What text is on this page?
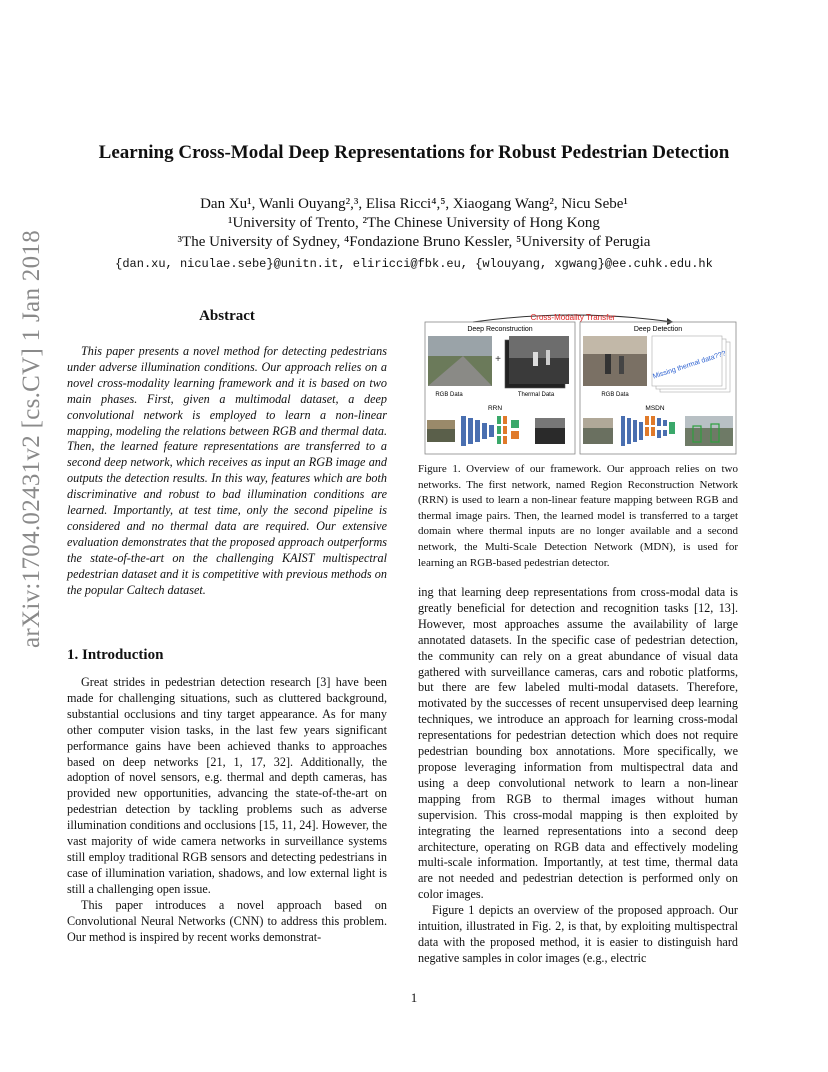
arXiv:1704.02431v2 [cs.CV] 1 Jan 2018
Learning Cross-Modal Deep Representations for Robust Pedestrian Detection
Dan Xu¹, Wanli Ouyang²,³, Elisa Ricci⁴,⁵, Xiaogang Wang², Nicu Sebe¹
¹University of Trento, ²The Chinese University of Hong Kong
³The University of Sydney, ⁴Fondazione Bruno Kessler, ⁵University of Perugia
{dan.xu, niculae.sebe}@unitn.it, eliricci@fbk.eu, {wlouyang, xgwang}@ee.cuhk.edu.hk
Abstract
This paper presents a novel method for detecting pedestrians under adverse illumination conditions. Our approach relies on a novel cross-modality learning framework and it is based on two main phases. First, given a multimodal dataset, a deep convolutional network is employed to learn a non-linear mapping, modeling the relations between RGB and thermal data. Then, the learned feature representations are transferred to a second deep network, which receives as input an RGB image and outputs the detection results. In this way, features which are both discriminative and robust to bad illumination conditions are learned. Importantly, at test time, only the second pipeline is considered and no thermal data are required. Our extensive evaluation demonstrates that the proposed approach outperforms the state-of-the-art on the challenging KAIST multispectral pedestrian dataset and it is competitive with previous methods on the popular Caltech dataset.
1. Introduction

Great strides in pedestrian detection research [3] have been made for challenging situations, such as cluttered background, substantial occlusions and tiny target appearance. As for many other computer vision tasks, in the last few years significant performance gains have been achieved thanks to approaches based on deep networks [21, 1, 17, 32]. Additionally, the adoption of novel sensors, e.g. thermal and depth cameras, has provided new opportunities, advancing the state-of-the-art on pedestrian detection by tackling problems such as adverse illumination conditions and occlusions [15, 11, 24]. However, the vast majority of wide camera networks in surveillance systems still employ traditional RGB sensors and detecting pedestrians in case of illumination variation, shadows, and low external light is still a challenging open issue.

This paper introduces a novel approach based on Convolutional Neural Networks (CNN) to address this problem. Our method is inspired by recent works demonstrat-

Cross-Modality Transfer
Deep Reconstruction	Deep Detection
+
RGB Data	Thermal Data
RRN
Missing thermal data???
RGB Data
MSDN
Figure 1. Overview of our framework. Our approach relies on two networks. The first network, named Region Reconstruction Network (RRN) is used to learn a non-linear feature mapping between RGB and thermal image pairs. Then, the learned model is transferred to a target domain where thermal inputs are no longer available and a second network, the Multi-Scale Detection Network (MDN), is used for learning an RGB-based pedestrian detector.

ing that learning deep representations from cross-modal data is greatly beneficial for detection and recognition tasks [12, 13]. However, most approaches assume the availability of large annotated datasets. In the specific case of pedestrian detection, the community can rely on a great abundance of visual data gathered with surveillance cameras, cars and robotic platforms, but there are few labeled multi-modal datasets. Therefore, motivated by the successes of recent unsupervised deep learning techniques, we introduce an approach for learning cross-modal representations for pedestrian detection which does not require pedestrian bounding box annotations. More specifically, we propose leveraging information from multispectral data and using a deep convolutional network to learn a non-linear mapping from RGB to thermal images without human supervision. This cross-modal mapping is then exploited by integrating the learned representations into a second deep architecture, operating on RGB data and effectively modeling multi-scale information. Importantly, at test time, thermal data are not needed and pedestrian detection is performed only on color images.

Figure 1 depicts an overview of the proposed approach. Our intuition, illustrated in Fig. 2, is that, by exploiting multispectral data with the proposed method, it is easier to distinguish hard negative samples in color images (e.g., electric

1
